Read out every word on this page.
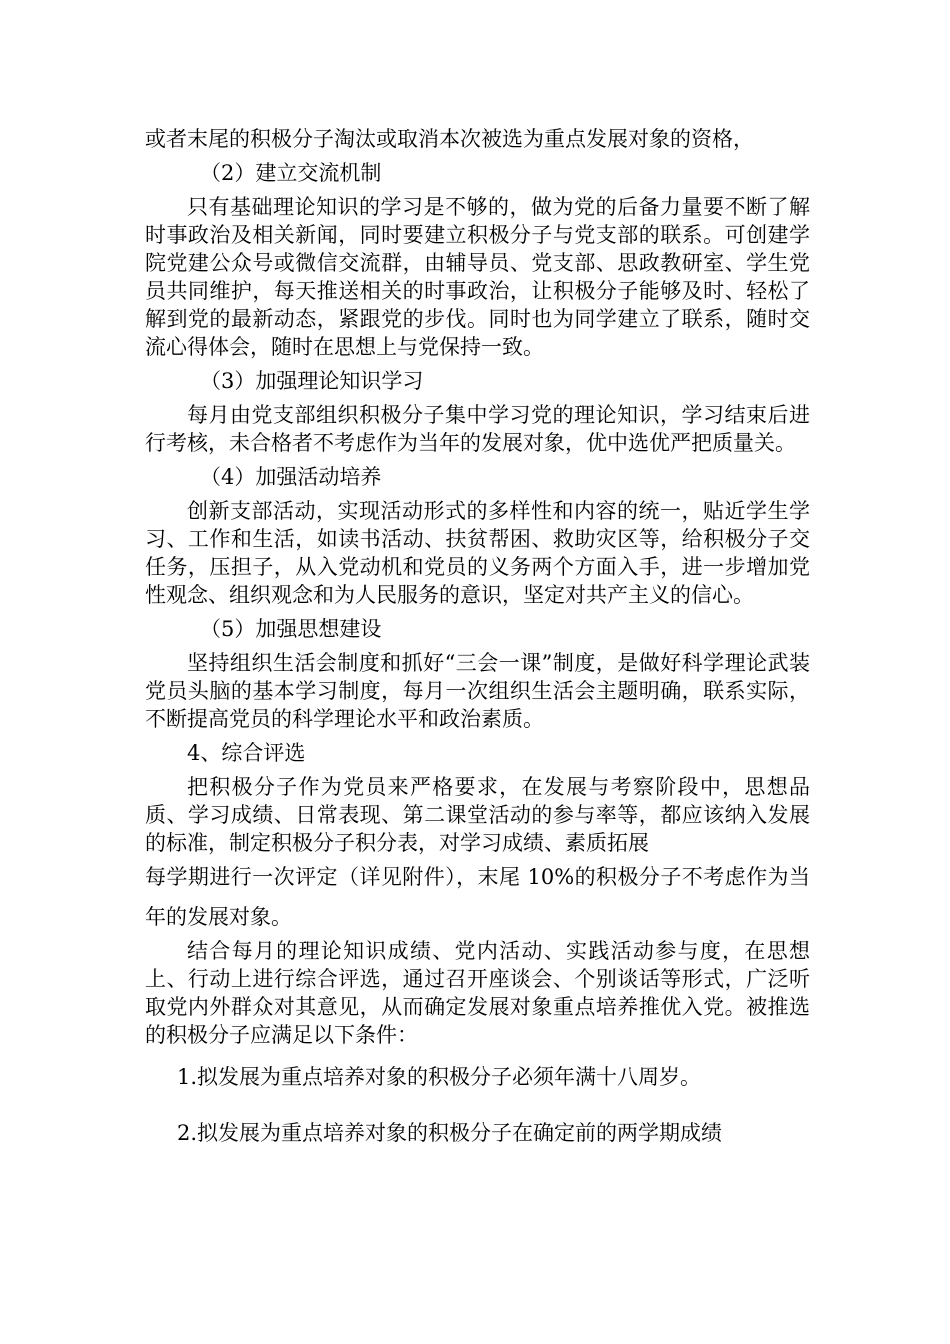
或者末尾的积极分子淘汰或取消本次被选为重点发展对象的资格，

（2）建立交流机制

只有基础理论知识的学习是不够的，做为党的后备力量要不断了解时事政治及相关新闻，同时要建立积极分子与党支部的联系。可创建学院党建公众号或微信交流群，由辅导员、党支部、思政教研室、学生党员共同维护，每天推送相关的时事政治，让积极分子能够及时、轻松了解到党的最新动态，紧跟党的步伐。同时也为同学建立了联系，随时交流心得体会，随时在思想上与党保持一致。

（3）加强理论知识学习

每月由党支部组织积极分子集中学习党的理论知识，学习结束后进行考核，未合格者不考虑作为当年的发展对象，优中选优严把质量关。

（4）加强活动培养

创新支部活动，实现活动形式的多样性和内容的统一，贴近学生学习、工作和生活，如读书活动、扶贫帮困、救助灾区等，给积极分子交任务，压担子，从入党动机和党员的义务两个方面入手，进一步增加党性观念、组织观念和为人民服务的意识，坚定对共产主义的信心。

（5）加强思想建设

坚持组织生活会制度和抓好“三会一课”制度，是做好科学理论武装党员头脑的基本学习制度，每月一次组织生活会主题明确，联系实际，不断提高党员的科学理论水平和政治素质。

4、综合评选

把积极分子作为党员来严格要求，在发展与考察阶段中，思想品质、学习成绩、日常表现、第二课堂活动的参与率等，都应该纳入发展的标准，制定积极分子积分表，对学习成绩、素质拓展

每学期进行一次评定（详见附件），末尾 10%的积极分子不考虑作为当年的发展对象。

结合每月的理论知识成绩、党内活动、实践活动参与度，在思想上、行动上进行综合评选，通过召开座谈会、个别谈话等形式，广泛听取党内外群众对其意见，从而确定发展对象重点培养推优入党。被推选的积极分子应满足以下条件：

1.拟发展为重点培养对象的积极分子必须年满十八周岁。

2.拟发展为重点培养对象的积极分子在确定前的两学期成绩
